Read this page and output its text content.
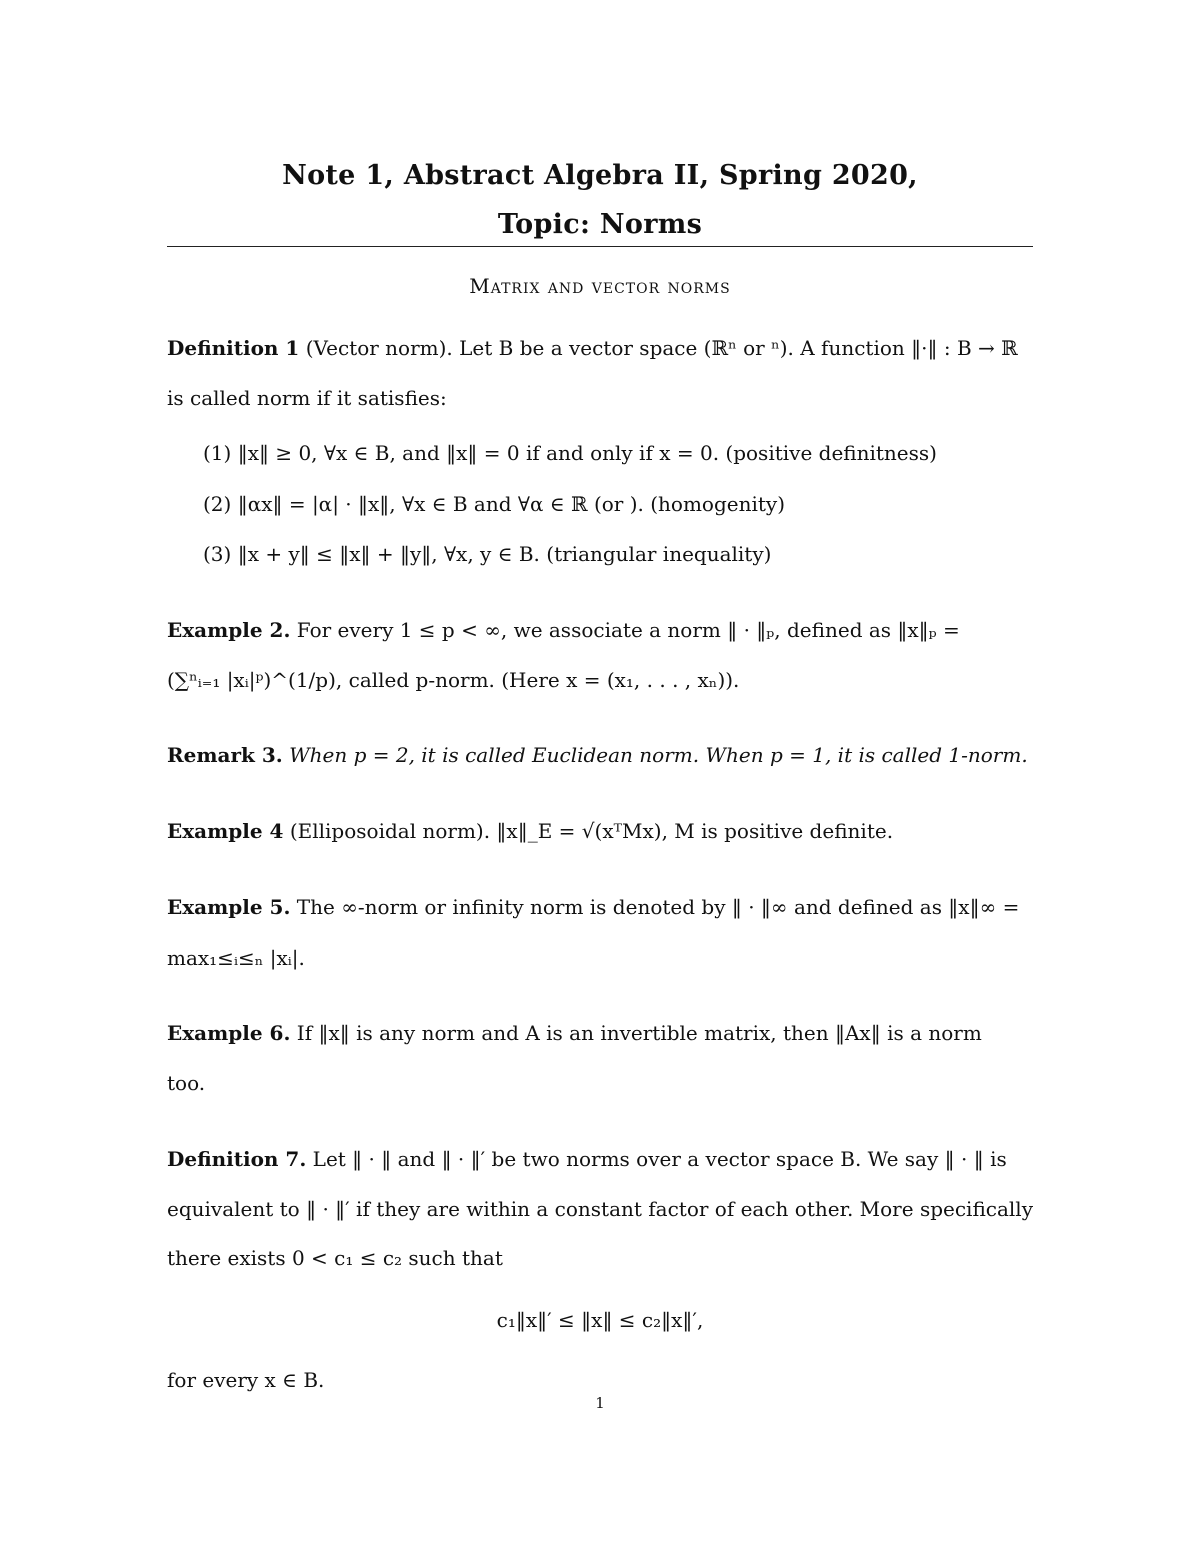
Note 1, Abstract Algebra II, Spring 2020,
Topic: Norms
Matrix and vector norms
Definition 1 (Vector norm). Let B be a vector space (ℝⁿ or ⁿ). A function ‖·‖ : B → ℝ
is called norm if it satisfies:
(1) ‖x‖ ≥ 0, ∀x ∈ B, and ‖x‖ = 0 if and only if x = 0. (positive definitness)
(2) ‖αx‖ = |α| · ‖x‖, ∀x ∈ B and ∀α ∈ ℝ (or ). (homogenity)
(3) ‖x + y‖ ≤ ‖x‖ + ‖y‖, ∀x, y ∈ B. (triangular inequality)
Example 2. For every 1 ≤ p < ∞, we associate a norm ‖ · ‖ₚ, defined as ‖x‖ₚ =
(∑ⁿᵢ₌₁ |xᵢ|ᵖ)^(1/p), called p-norm. (Here x = (x₁, . . . , xₙ)).
Remark 3. When p = 2, it is called Euclidean norm. When p = 1, it is called 1-norm.
Example 4 (Elliposoidal norm). ‖x‖_E = √(xᵀMx), M is positive definite.
Example 5. The ∞-norm or infinity norm is denoted by ‖ · ‖∞ and defined as ‖x‖∞ =
max₁≤ᵢ≤ₙ |xᵢ|.
Example 6. If ‖x‖ is any norm and A is an invertible matrix, then ‖Ax‖ is a norm
too.
Definition 7. Let ‖ · ‖ and ‖ · ‖′ be two norms over a vector space B. We say ‖ · ‖ is
equivalent to ‖ · ‖′ if they are within a constant factor of each other. More specifically
there exists 0 < c₁ ≤ c₂ such that
c₁‖x‖′ ≤ ‖x‖ ≤ c₂‖x‖′,
for every x ∈ B.
1
